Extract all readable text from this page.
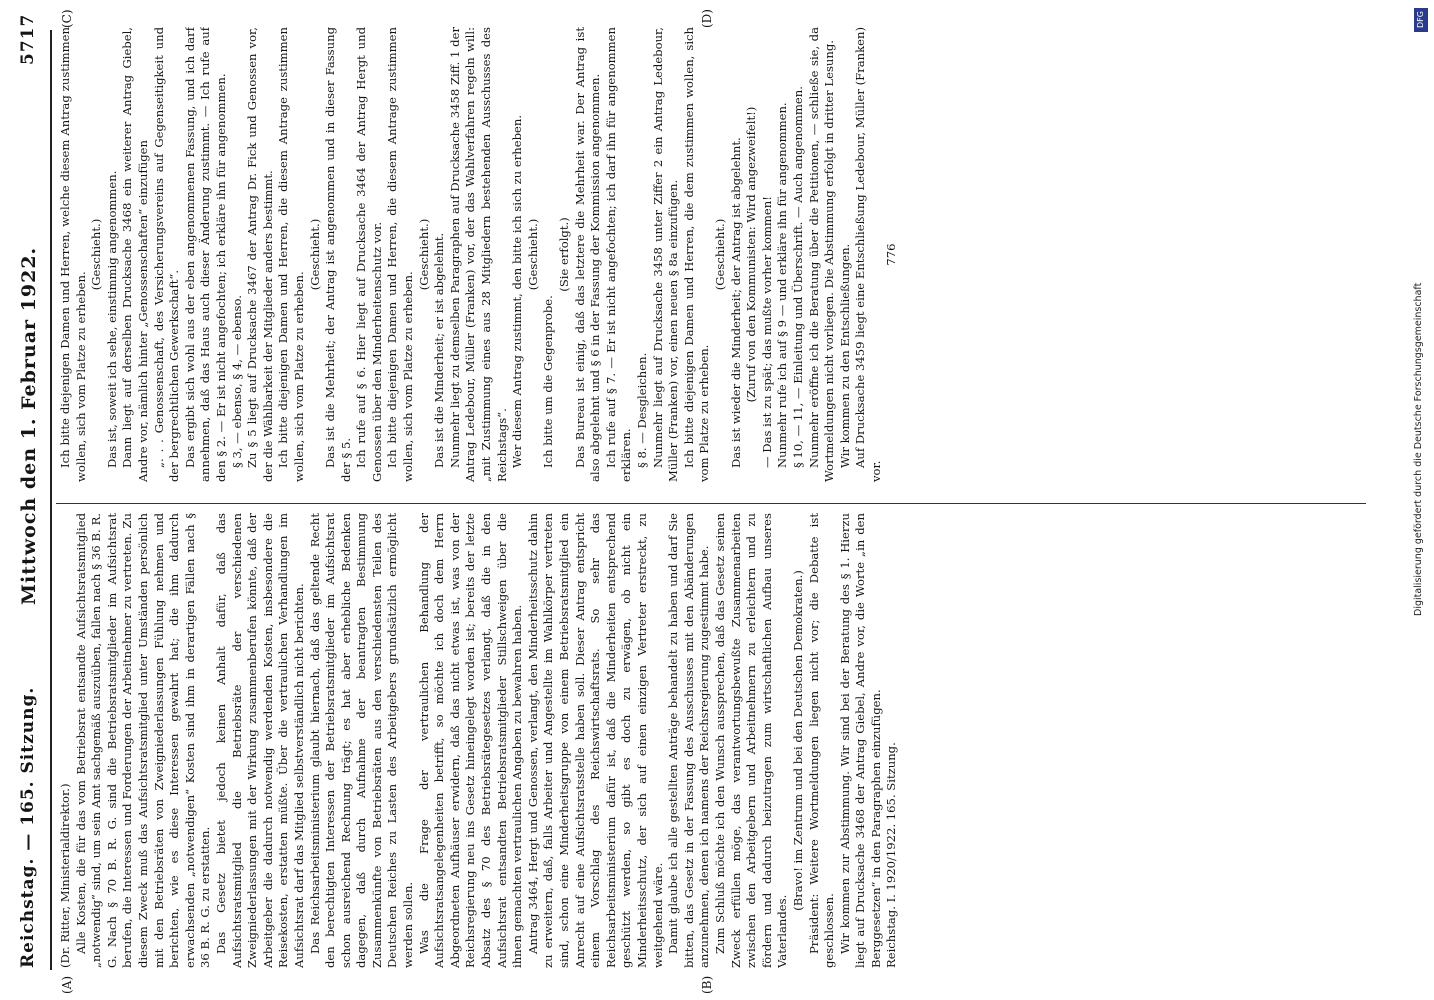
Reichstag. — 165. Sitzung.
Mittwoch den 1. Februar 1922.
5717
(A)	(B)
(C)	(D)

(Dr. Ritter, Ministerialdirektor.) Alle Kosten, die für das vom Betriebsrat entsandte Aufsichtsratsmitglied „notwendig“ sind, um sein Amt sachgemäß auszuüben, fallen nach § 36 B. R. G. Nach § 70 B. R. G. sind die Betriebsratsmitglieder im Aufsichtsrat berufen, die Interessen und Forderungen der Arbeitnehmer zu vertreten. Zu diesem Zweck muß das Aufsichtsratsmitglied unter Umständen persönlich mit den Betriebsräten von Zweigniederlassungen Fühlung nehmen und berichten, wie es diese Interessen gewahrt hat; die ihm dadurch erwachsenden „notwendigen“ Kosten sind ihm in derartigen Fällen nach § 36 B. R. G. zu erstatten. Das Gesetz bietet jedoch keinen Anhalt dafür, daß das Aufsichtsratsmitglied die Betriebsräte der verschiedenen Zweigniederlassungen mit der Wirkung zusammenberufen könnte, daß der Arbeitgeber die dadurch notwendig werdenden Kosten, insbesondere die Reisekosten, erstatten müßte. Über die vertraulichen Verhandlungen im Aufsichtsrat darf das Mitglied selbstverständlich nicht berichten. Das Reichsarbeitsministerium glaubt hiernach, daß das geltende Recht den berechtigten Interessen der Betriebsratsmitglieder im Aufsichtsrat schon ausreichend Rechnung trägt; es hat aber erhebliche Bedenken dagegen, daß durch Aufnahme der beantragten Bestimmung Zusammenkünfte von Betriebsräten aus den verschiedensten Teilen des Deutschen Reiches zu Lasten des Arbeitgebers grundsätzlich ermöglicht werden sollen. Was die Frage der vertraulichen Behandlung der Aufsichtsratsangelegenheiten betrifft, so möchte ich doch dem Herrn Abgeordneten Aufhäuser erwidern, daß das nicht etwas ist, was von der Reichsregierung neu ins Gesetz hineingelegt worden ist; bereits der letzte Absatz des § 70 des Betriebsrätegesetzes verlangt, daß die in den Aufsichtsrat entsandten Betriebsratsmitglieder Stillschweigen über die ihnen gemachten vertraulichen Angaben zu bewahren haben. Antrag 3464, Hergt und Genossen, verlangt, den Minderheitsschutz dahin zu erweitern, daß, falls Arbeiter und Angestellte im Wahlkörper vertreten sind, schon eine Minderheitsgruppe von einem Betriebsratsmitglied ein Anrecht auf eine Aufsichtsratsstelle haben soll. Dieser Antrag entspricht einem Vorschlag des Reichswirtschaftsrats. So sehr das Reichsarbeitsministerium dafür ist, daß die Minderheiten entsprechend geschützt werden, so gibt es doch zu erwägen, ob nicht ein Minderheitsschutz, der sich auf einen einzigen Vertreter erstreckt, zu weitgehend wäre. Damit glaube ich alle gestellten Anträge behandelt zu haben und darf Sie bitten, das Gesetz in der Fassung des Ausschusses mit den Abänderungen anzunehmen, denen ich namens der Reichsregierung zugestimmt habe. Zum Schluß möchte ich den Wunsch aussprechen, daß das Gesetz seinen Zweck erfüllen möge, das verantwortungsbewußte Zusammenarbeiten zwischen den Arbeitgebern und Arbeitnehmern zu erleichtern und zu fördern und dadurch beizutragen zum wirtschaftlichen Aufbau unseres Vaterlandes.

(Bravo! im Zentrum und bei den Deutschen Demokraten.) Präsident: Weitere Wortmeldungen liegen nicht vor; die Debatte ist geschlossen. Wir kommen zur Abstimmung. Wir sind bei der Beratung des § 1. Hierzu liegt auf Drucksache 3468 der Antrag Giebel, Andre vor, die Worte „in den Berggesetzen“ in den Paragraphen einzufügen. Reichstag. I. 1920/1922. 165. Sitzung.

Ich bitte diejenigen Damen und Herren, welche diesem Antrag zustimmen wollen, sich vom Platze zu erheben.

(Geschieht.) Das ist, soweit ich sehe, einstimmig angenommen. Dann liegt auf derselben Drucksache 3468 ein weiterer Antrag Giebel, Andre vor, nämlich hinter „Genossenschaften“ einzufügen „. . . Genossenschaft, des Versicherungsvereins auf Gegenseitigkeit und der bergrechtlichen Gewerkschaft“. Das ergibt sich wohl aus der eben angenommenen Fassung, und ich darf annehmen, daß das Haus auch dieser Änderung zustimmt. — Ich rufe auf den § 2. — Er ist nicht angefochten; ich erkläre ihn für angenommen. § 3, — ebenso, § 4, — ebenso. Zu § 5 liegt auf Drucksache 3467 der Antrag Dr. Fick und Genossen vor, der die Wählbarkeit der Mitglieder anders bestimmt. Ich bitte diejenigen Damen und Herren, die diesem Antrage zustimmen wollen, sich vom Platze zu erheben.

(Geschieht.) Das ist die Mehrheit; der Antrag ist angenommen und in dieser Fassung der § 5. Ich rufe auf § 6. Hier liegt auf Drucksache 3464 der Antrag Hergt und Genossen über den Minderheitenschutz vor. Ich bitte diejenigen Damen und Herren, die diesem Antrage zustimmen wollen, sich vom Platze zu erheben.

(Geschieht.) Das ist die Minderheit; er ist abgelehnt. Nunmehr liegt zu demselben Paragraphen auf Drucksache 3458 Ziff. 1 der Antrag Ledebour, Müller (Franken) vor, der das Wahlverfahren regeln will: „mit Zustimmung eines aus 28 Mitgliedern bestehenden Ausschusses des Reichstags“. Wer diesem Antrag zustimmt, den bitte ich sich zu erheben. (Geschieht.)

Ich bitte um die Gegenprobe.

(Sie erfolgt.) Das Bureau ist einig, daß das letztere die Mehrheit war. Der Antrag ist also abgelehnt und § 6 in der Fassung der Kommission angenommen. Ich rufe auf § 7. — Er ist nicht angefochten; ich darf ihn für angenommen erklären. § 8. — Desgleichen. Nunmehr liegt auf Drucksache 3458 unter Ziffer 2 ein Antrag Ledebour, Müller (Franken) vor, einen neuen § 8a einzufügen. Ich bitte diejenigen Damen und Herren, die dem zustimmen wollen, sich vom Platze zu erheben.

(Geschieht.) Das ist wieder die Minderheit; der Antrag ist abgelehnt. (Zuruf von den Kommunisten: Wird angezweifelt!) — Das ist zu spät; das mußte vorher kommen! Nunmehr rufe ich auf § 9 — und erkläre ihn für angenommen. § 10, — 11, — Einleitung und Überschrift. — Auch angenommen. Nunmehr eröffne ich die Beratung über die Petitionen, — schließe sie, da Wortmeldungen nicht vorliegen. Die Abstimmung erfolgt in dritter Lesung. Wir kommen zu den Entschließungen. Auf Drucksache 3459 liegt eine Entschließung Ledebour, Müller (Franken) vor.

776

DFG
Digitalisierung gefördert durch die Deutsche Forschungsgemeinschaft
